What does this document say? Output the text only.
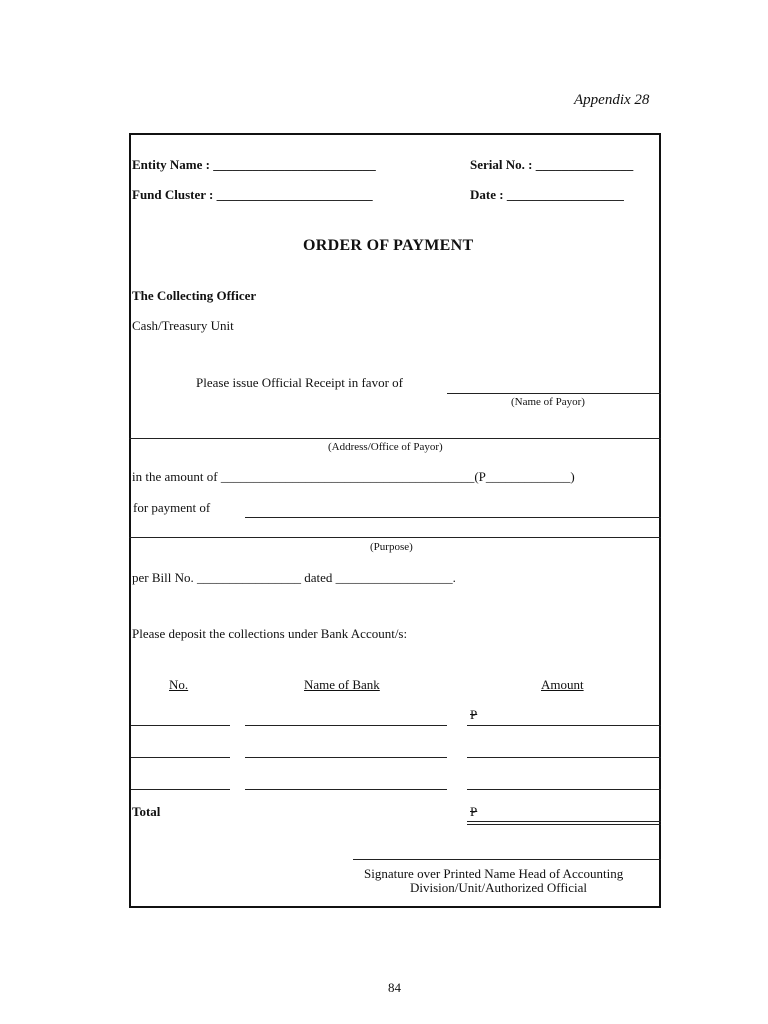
Appendix 28
Entity Name : _________________________	Serial No. : _______________
Fund Cluster : ________________________	Date : __________________
ORDER OF PAYMENT
The Collecting Officer
Cash/Treasury Unit
Please issue Official Receipt in favor of
(Name of Payor)
(Address/Office of Payor)
in the amount of _______________________________________(P_____________)
for payment of
(Purpose)
per Bill No. ________________ dated __________________.
Please deposit the collections under Bank Account/s:
No.	Name of Bank	Amount
P
Total	P
Signature over Printed Name Head of Accounting
Division/Unit/Authorized Official
84
